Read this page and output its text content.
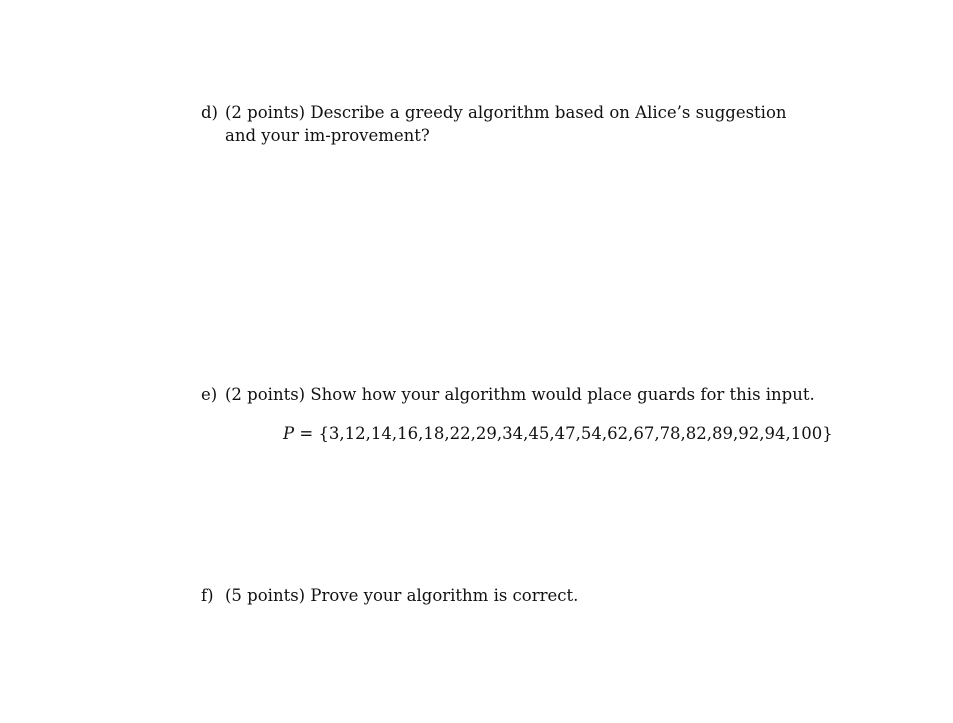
d) (2 points) Describe a greedy algorithm based on Alice’s suggestion and your im-provement?
e) (2 points) Show how your algorithm would place guards for this input.
P = {3,12,14,16,18,22,29,34,45,47,54,62,67,78,82,89,92,94,100}
f) (5 points) Prove your algorithm is correct.
